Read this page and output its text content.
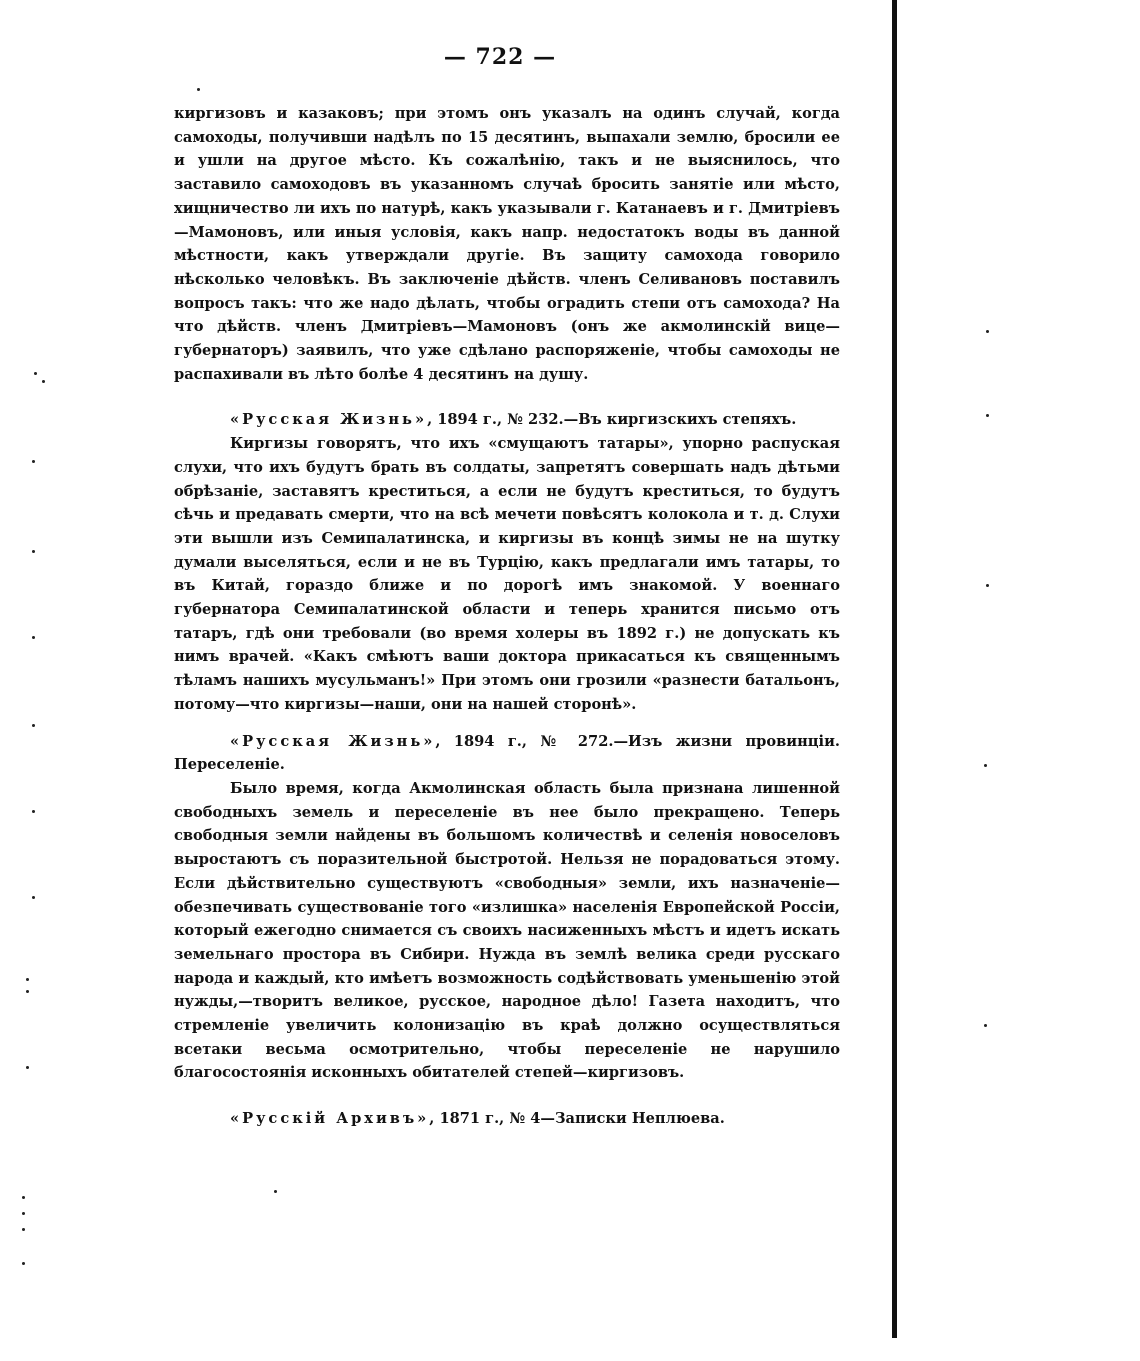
— 722 —

киргизовъ и казаковъ; при этомъ онъ указалъ на одинъ случай, когда самоходы, получивши надѣлъ по 15 десятинъ, выпахали землю, бросили ее и ушли на другое мѣсто. Къ сожалѣнію, такъ и не выяснилось, что заставило самоходовъ въ указанномъ случаѣ бросить занятіе или мѣсто, хищничество ли ихъ по натурѣ, какъ указывали г. Катанаевъ и г. Дмитріевъ—Мамоновъ, или иныя условія, какъ напр. недостатокъ воды въ данной мѣстности, какъ утверждали другіе. Въ защиту самохода говорило нѣсколько человѣкъ. Въ заключеніе дѣйств. членъ Селивановъ поставилъ вопросъ такъ: что же надо дѣлать, чтобы оградить степи отъ самохода? На что дѣйств. членъ Дмитріевъ—Мамоновъ (онъ же акмолинскій вице—губернаторъ) заявилъ, что уже сдѣлано распоряженіе, чтобы самоходы не распахивали въ лѣто болѣе 4 десятинъ на душу.

«Русская Жизнь», 1894 г., № 232.—Въ киргизскихъ степяхъ.

Киргизы говорятъ, что ихъ «смущаютъ татары», упорно распуская слухи, что ихъ будутъ брать въ солдаты, запретятъ совершать надъ дѣтьми обрѣзаніе, заставятъ креститься, а если не будутъ креститься, то будутъ сѣчь и предавать смерти, что на всѣ мечети повѣсятъ колокола и т. д. Слухи эти вышли изъ Семипалатинска, и киргизы въ концѣ зимы не на шутку думали выселяться, если и не въ Турцію, какъ предлагали имъ татары, то въ Китай, гораздо ближе и по дорогѣ имъ знакомой. У военнаго губернатора Семипалатинской области и теперь хранится письмо отъ татаръ, гдѣ они требовали (во время холеры въ 1892 г.) не допускать къ нимъ врачей. «Какъ смѣютъ ваши доктора прикасаться къ священнымъ тѣламъ нашихъ мусульманъ!» При этомъ они грозили «разнести батальонъ, потому—что киргизы—наши, они на нашей сторонѣ».

«Русская Жизнь», 1894 г., № 272.—Изъ жизни провинціи. Переселеніе.

Было время, когда Акмолинская область была признана лишенной свободныхъ земель и переселеніе въ нее было прекращено. Теперь свободныя земли найдены въ большомъ количествѣ и селенія новоселовъ выростаютъ съ поразительной быстротой. Нельзя не порадоваться этому. Если дѣйствительно существуютъ «свободныя» земли, ихъ назначеніе—обезпечивать существованіе того «излишка» населенія Европейской Россіи, который ежегодно снимается съ своихъ насиженныхъ мѣстъ и идетъ искать земельнаго простора въ Сибири. Нужда въ землѣ велика среди русскаго народа и каждый, кто имѣетъ возможность содѣйствовать уменьшенію этой нужды,—творитъ великое, русское, народное дѣло! Газета находитъ, что стремленіе увеличить колонизацію въ краѣ должно осуществляться всетаки весьма осмотрительно, чтобы переселеніе не нарушило благосостоянія исконныхъ обитателей степей—киргизовъ.

«Русскій Архивъ», 1871 г., № 4—Записки Неплюева.
